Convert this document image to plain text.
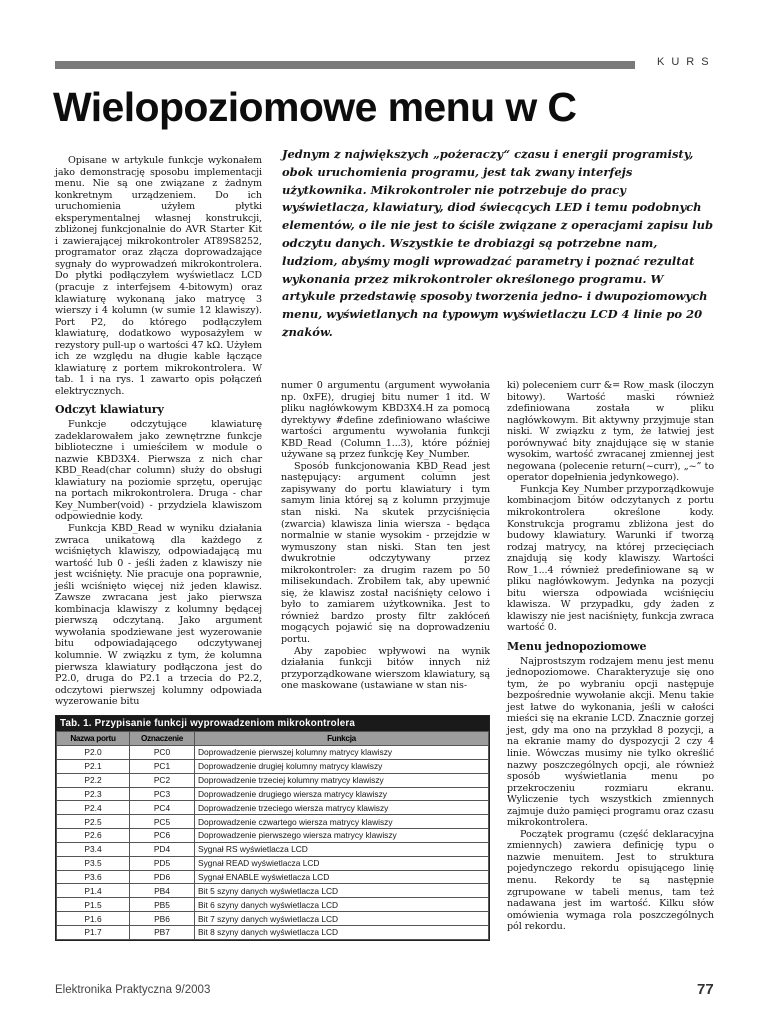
KURS
Wielopoziomowe menu w C
Jednym z największych „pożeraczy“ czasu i energii programisty, obok uruchomienia programu, jest tak zwany interfejs użytkownika. Mikrokontroler nie potrzebuje do pracy wyświetlacza, klawiatury, diod świecących LED i temu podobnych elementów, o ile nie jest to ściśle związane z operacjami zapisu lub odczytu danych. Wszystkie te drobiazgi są potrzebne nam, ludziom, abyśmy mogli wprowadzać parametry i poznać rezultat wykonania przez mikrokontroler określonego programu. W artykule przedstawię sposoby tworzenia jedno- i dwupoziomowych menu, wyświetlanych na typowym wyświetlaczu LCD 4 linie po 20 znaków.

Opisane w artykule funkcje wykonałem jako demonstrację sposobu implementacji menu. Nie są one związane z żadnym konkretnym urządzeniem. Do ich uruchomienia użyłem płytki eksperymentalnej własnej konstrukcji, zbliżonej funkcjonalnie do AVR Starter Kit i zawierającej mikrokontroler AT89S8252, programator oraz złącza doprowadzające sygnały do wyprowadzeń mikrokontrolera. Do płytki podłączyłem wyświetlacz LCD (pracuje z interfejsem 4-bitowym) oraz klawiaturę wykonaną jako matrycę 3 wierszy i 4 kolumn (w sumie 12 klawiszy). Port P2, do którego podłączyłem klawiaturę, dodatkowo wyposażyłem w rezystory pull-up o wartości 47 kΩ. Użyłem ich ze względu na długie kable łączące klawiaturę z portem mikrokontrolera. W tab. 1 i na rys. 1 zawarto opis połączeń elektrycznych.

Odczyt klawiatury

Funkcje odczytujące klawiaturę zadeklarowałem jako zewnętrzne funkcje biblioteczne i umieściłem w module o nazwie KBD3X4. Pierwsza z nich char KBD_Read(char column) służy do obsługi klawiatury na poziomie sprzętu, operując na portach mikrokontrolera. Druga - char Key_Number(void) - przydziela klawiszom odpowiednie kody.

Funkcja KBD_Read w wyniku działania zwraca unikatową dla każdego z wciśniętych klawiszy, odpowiadającą mu wartość lub 0 - jeśli żaden z klawiszy nie jest wciśnięty. Nie pracuje ona poprawnie, jeśli wciśnięto więcej niż jeden klawisz. Zawsze zwracana jest jako pierwsza kombinacja klawiszy z kolumny będącej pierwszą odczytaną. Jako argument wywołania spodziewane jest wyzerowanie bitu odpowiadającego odczytywanej kolumnie. W związku z tym, że kolumna pierwsza klawiatury podłączona jest do P2.0, druga do P2.1 a trzecia do P2.2, odczytowi pierwszej kolumny odpowiada wyzerowanie bitu

numer 0 argumentu (argument wywołania np. 0xFE), drugiej bitu numer 1 itd. W pliku nagłówkowym KBD3X4.H za pomocą dyrektywy #define zdefiniowano właściwe wartości argumentu wywołania funkcji KBD_Read (Column_1...3), które później używane są przez funkcję Key_Number.

Sposób funkcjonowania KBD_Read jest następujący: argument column jest zapisywany do portu klawiatury i tym samym linia której są z kolumn przyjmuje stan niski. Na skutek przyciśnięcia (zwarcia) klawisza linia wiersza - będąca normalnie w stanie wysokim - przejdzie w wymuszony stan niski. Stan ten jest dwukrotnie odczytywany przez mikrokontroler: za drugim razem po 50 milisekundach. Zrobiłem tak, aby upewnić się, że klawisz został naciśnięty celowo i było to zamiarem użytkownika. Jest to również bardzo prosty filtr zakłóceń mogących pojawić się na doprowadzeniu portu.

Aby zapobiec wpływowi na wynik działania funkcji bitów innych niż przyporządkowane wierszom klawiatury, są one maskowane (ustawiane w stan nis-

ki) poleceniem curr &= Row_mask (iloczyn bitowy). Wartość maski również zdefiniowana została w pliku nagłówkowym. Bit aktywny przyjmuje stan niski. W związku z tym, że łatwiej jest porównywać bity znajdujące się w stanie wysokim, wartość zwracanej zmiennej jest negowana (polecenie return(~curr), „~” to operator dopełnienia jedynkowego).

Funkcja Key_Number przyporządkowuje kombinacjom bitów odczytanych z portu mikrokontrolera określone kody. Konstrukcja programu zbliżona jest do budowy klawiatury. Warunki if tworzą rodzaj matrycy, na której przecięciach znajdują się kody klawiszy. Wartości Row_1...4 również predefiniowane są w pliku nagłówkowym. Jedynka na pozycji bitu wiersza odpowiada wciśnięciu klawisza. W przypadku, gdy żaden z klawiszy nie jest naciśnięty, funkcja zwraca wartość 0.

Menu jednopoziomowe

Najprostszym rodzajem menu jest menu jednopoziomowe. Charakteryzuje się ono tym, że po wybraniu opcji następuje bezpośrednie wywołanie akcji. Menu takie jest łatwe do wykonania, jeśli w całości mieści się na ekranie LCD. Znacznie gorzej jest, gdy ma ono na przykład 8 pozycji, a na ekranie mamy do dyspozycji 2 czy 4 linie. Wówczas musimy nie tylko określić nazwy poszczególnych opcji, ale również sposób wyświetlania menu po przekroczeniu rozmiaru ekranu. Wyliczenie tych wszystkich zmiennych zajmuje dużo pamięci programu oraz czasu mikrokontrolera.

Początek programu (część deklaracyjna zmiennych) zawiera definicję typu o nazwie menuitem. Jest to struktura pojedynczego rekordu opisującego linię menu. Rekordy te są następnie zgrupowane w tabeli menus, tam też nadawana jest im wartość. Kilku słów omówienia wymaga rola poszczególnych pól rekordu.

Tab. 1. Przypisanie funkcji wyprowadzeniom mikrokontrolera
Nazwa portu	Oznaczenie	Funkcja
P2.0	PC0	Doprowadzenie pierwszej kolumny matrycy klawiszy
P2.1	PC1	Doprowadzenie drugiej kolumny matrycy klawiszy
P2.2	PC2	Doprowadzenie trzeciej kolumny matrycy klawiszy
P2.3	PC3	Doprowadzenie drugiego wiersza matrycy klawiszy
P2.4	PC4	Doprowadzenie trzeciego wiersza matrycy klawiszy
P2.5	PC5	Doprowadzenie czwartego wiersza matrycy klawiszy
P2.6	PC6	Doprowadzenie pierwszego wiersza matrycy klawiszy
P3.4	PD4	Sygnał RS wyświetlacza LCD
P3.5	PD5	Sygnał READ wyświetlacza LCD
P3.6	PD6	Sygnał ENABLE wyświetlacza LCD
P1.4	PB4	Bit 5 szyny danych wyświetlacza LCD
P1.5	PB5	Bit 6 szyny danych wyświetlacza LCD
P1.6	PB6	Bit 7 szyny danych wyświetlacza LCD
P1.7	PB7	Bit 8 szyny danych wyświetlacza LCD
Elektronika Praktyczna 9/2003	77
